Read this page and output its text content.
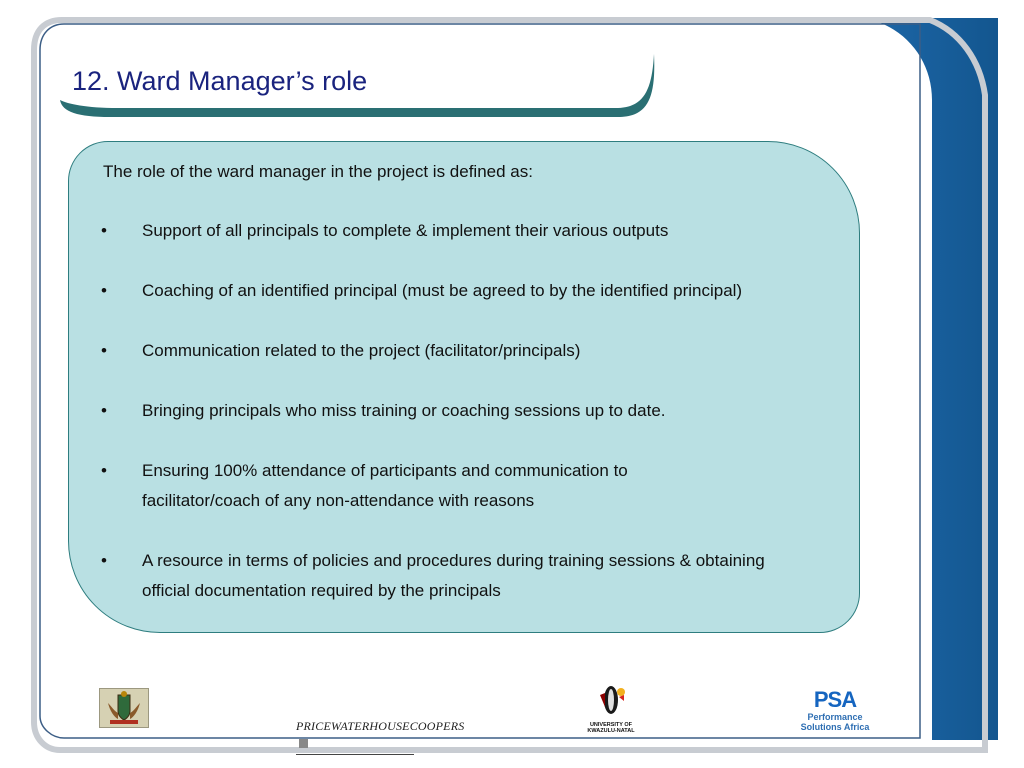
12. Ward Manager’s role

The role of the ward manager in the project is defined as:

• Support of all principals to complete & implement their various outputs
• Coaching of an identified principal (must be agreed to by the identified principal)
• Communication related to the project (facilitator/principals)
• Bringing principals who miss training or coaching sessions up to date.
• Ensuring 100% attendance of participants and communication to facilitator/coach of any non-attendance with reasons
• A resource in terms of policies and procedures during training sessions & obtaining official documentation required by the principals
PRICEWATERHOUSECOOPERS	UNIVERSITY OF
KWAZULU-NATAL
PSA
Performance
Solutions Africa
